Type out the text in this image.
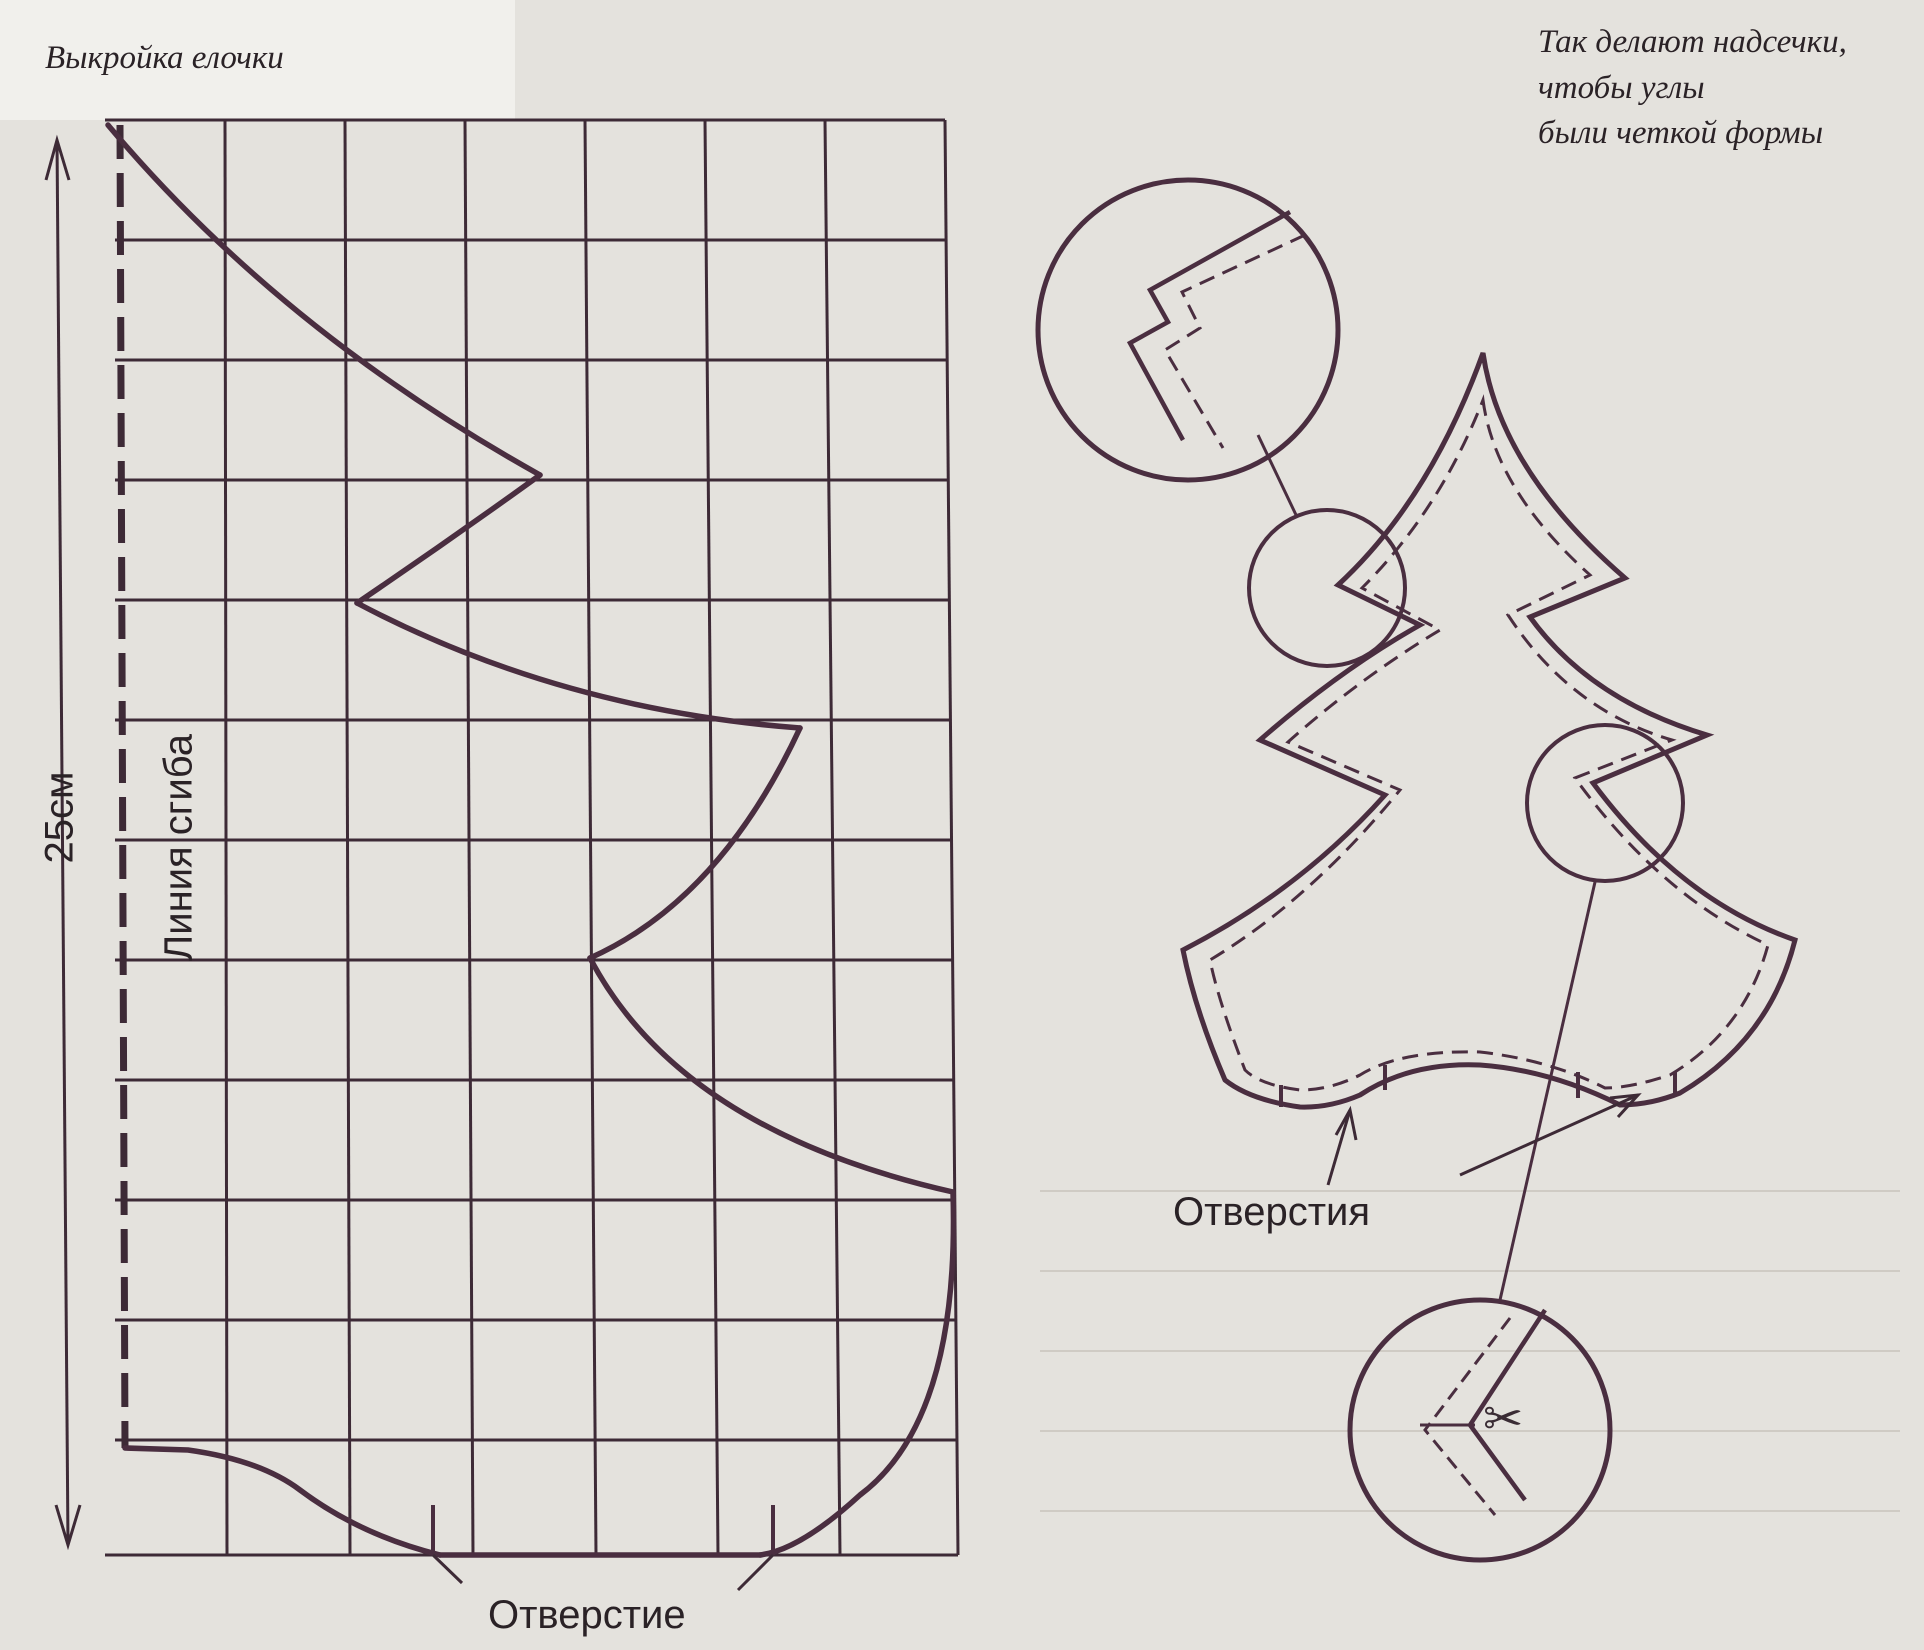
✂
Выкройка елочки	Так делают надсечки,
чтобы углы
были четкой формы
Линия сгиба
25см
Отверстие
Отверстия
